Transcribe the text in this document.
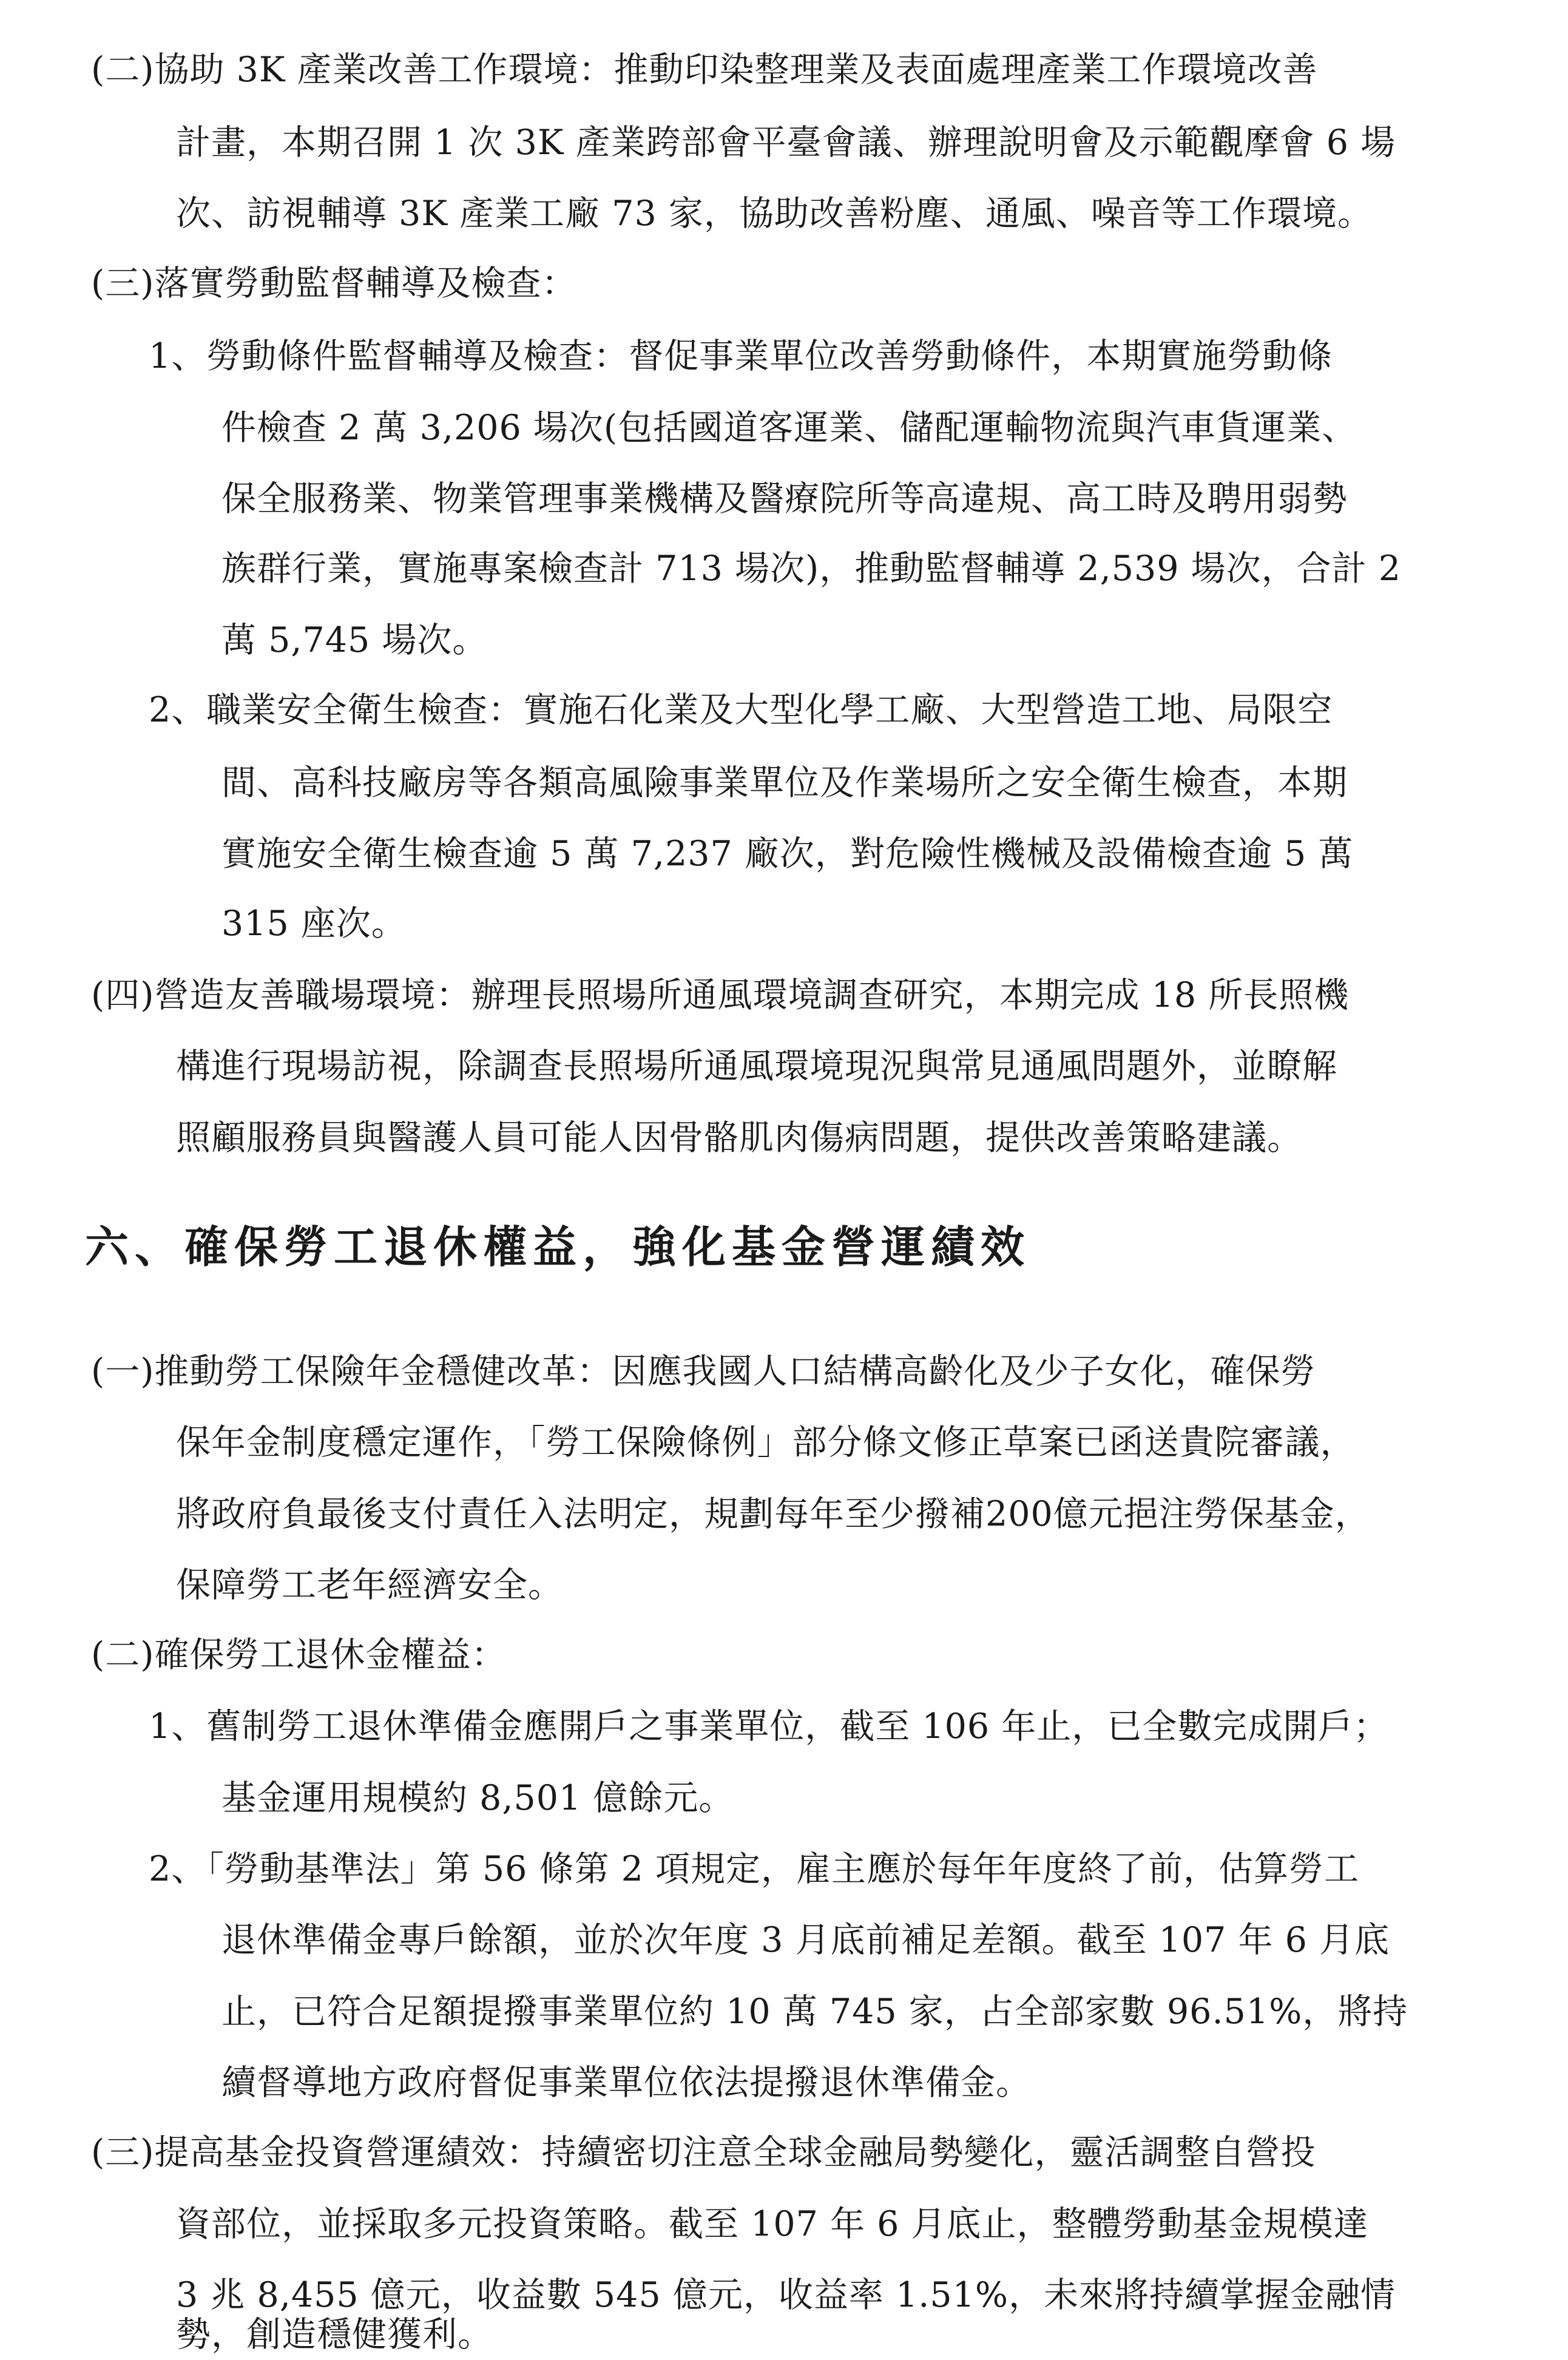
(二)協助 3K 產業改善工作環境：推動印染整理業及表面處理產業工作環境改善
計畫，本期召開 1 次 3K 產業跨部會平臺會議、辦理說明會及示範觀摩會 6 場
次、訪視輔導 3K 產業工廠 73 家，協助改善粉塵、通風、噪音等工作環境。
(三)落實勞動監督輔導及檢查：
1、勞動條件監督輔導及檢查：督促事業單位改善勞動條件，本期實施勞動條
件檢查 2 萬 3,206 場次(包括國道客運業、儲配運輸物流與汽車貨運業、
保全服務業、物業管理事業機構及醫療院所等高違規、高工時及聘用弱勢
族群行業，實施專案檢查計 713 場次)，推動監督輔導 2,539 場次，合計 2
萬 5,745 場次。
2、職業安全衛生檢查：實施石化業及大型化學工廠、大型營造工地、局限空
間、高科技廠房等各類高風險事業單位及作業場所之安全衛生檢查，本期
實施安全衛生檢查逾 5 萬 7,237 廠次，對危險性機械及設備檢查逾 5 萬
315 座次。
(四)營造友善職場環境：辦理長照場所通風環境調查研究，本期完成 18 所長照機
構進行現場訪視，除調查長照場所通風環境現況與常見通風問題外，並瞭解
照顧服務員與醫護人員可能人因骨骼肌肉傷病問題，提供改善策略建議。
六、確保勞工退休權益，強化基金營運績效
(一)推動勞工保險年金穩健改革：因應我國人口結構高齡化及少子女化，確保勞
保年金制度穩定運作，「勞工保險條例」部分條文修正草案已函送貴院審議，
將政府負最後支付責任入法明定，規劃每年至少撥補200億元挹注勞保基金，
保障勞工老年經濟安全。
(二)確保勞工退休金權益：
1、舊制勞工退休準備金應開戶之事業單位，截至 106 年止，已全數完成開戶；
基金運用規模約 8,501 億餘元。
2、「勞動基準法」第 56 條第 2 項規定，雇主應於每年年度終了前，估算勞工
退休準備金專戶餘額，並於次年度 3 月底前補足差額。截至 107 年 6 月底
止，已符合足額提撥事業單位約 10 萬 745 家，占全部家數 96.51%，將持
續督導地方政府督促事業單位依法提撥退休準備金。
(三)提高基金投資營運績效：持續密切注意全球金融局勢變化，靈活調整自營投
資部位，並採取多元投資策略。截至 107 年 6 月底止，整體勞動基金規模達
3 兆 8,455 億元，收益數 545 億元，收益率 1.51%，未來將持續掌握金融情
勢，創造穩健獲利。
